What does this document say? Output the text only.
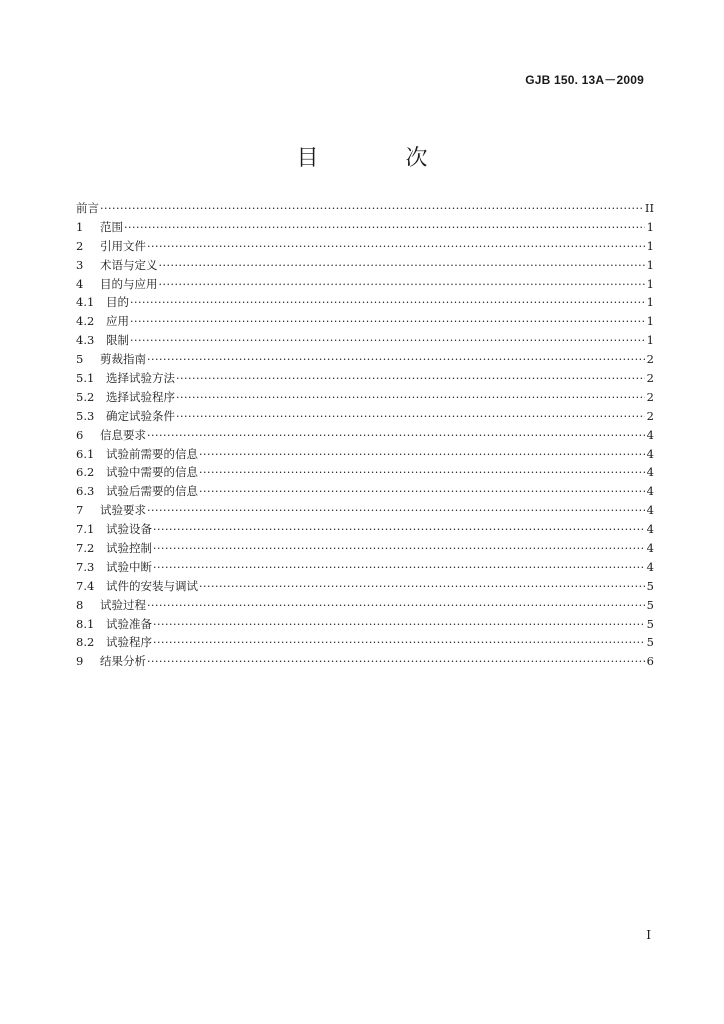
GJB 150. 13A－2009
目 次
前言 ·····	II
1	范围 ·····	1
2	引用文件 ·····	1
3	术语与定义 ·····	1
4	目的与应用 ·····	1
4.1	目的 ·····	1
4.2	应用 ·····	1
4.3	限制 ·····	1
5	剪裁指南 ·····	2
5.1	选择试验方法 ·····	2
5.2	选择试验程序 ·····	2
5.3	确定试验条件 ·····	2
6	信息要求 ·····	4
6.1	试验前需要的信息 ·····	4
6.2	试验中需要的信息 ·····	4
6.3	试验后需要的信息 ·····	4
7	试验要求 ·····	4
7.1	试验设备 ·····	4
7.2	试验控制 ·····	4
7.3	试验中断 ·····	4
7.4	试件的安装与调试 ·····	5
8	试验过程 ·····	5
8.1	试验准备 ·····	5
8.2	试验程序 ·····	5
9	结果分析 ·····	6
I
